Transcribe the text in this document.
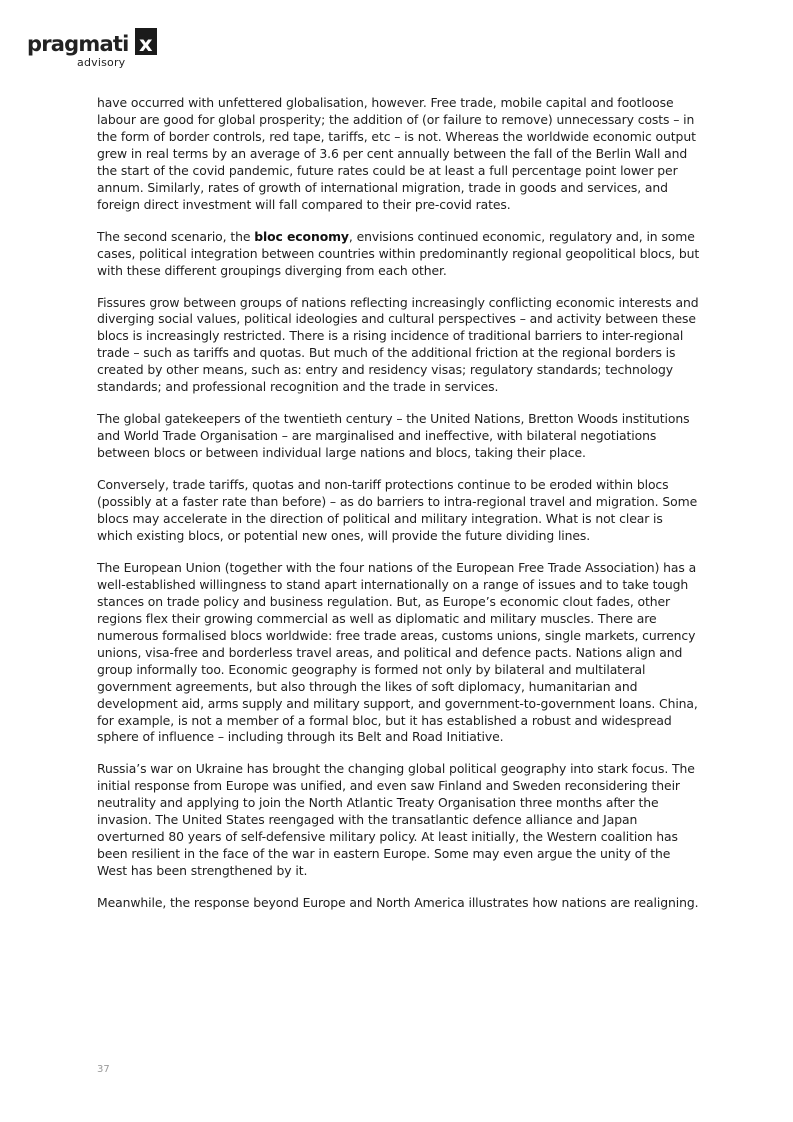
pragmati x
advisory

have occurred with unfettered globalisation, however. Free trade, mobile capital and footloose labour are good for global prosperity; the addition of (or failure to remove) unnecessary costs – in the form of border controls, red tape, tariffs, etc – is not. Whereas the worldwide economic output grew in real terms by an average of 3.6 per cent annually between the fall of the Berlin Wall and the start of the covid pandemic, future rates could be at least a full percentage point lower per annum. Similarly, rates of growth of international migration, trade in goods and services, and foreign direct investment will fall compared to their pre-covid rates.

The second scenario, the bloc economy, envisions continued economic, regulatory and, in some cases, political integration between countries within predominantly regional geopolitical blocs, but with these different groupings diverging from each other.

Fissures grow between groups of nations reflecting increasingly conflicting economic interests and diverging social values, political ideologies and cultural perspectives – and activity between these blocs is increasingly restricted. There is a rising incidence of traditional barriers to inter-regional trade – such as tariffs and quotas. But much of the additional friction at the regional borders is created by other means, such as: entry and residency visas; regulatory standards; technology standards; and professional recognition and the trade in services.

The global gatekeepers of the twentieth century – the United Nations, Bretton Woods institutions and World Trade Organisation – are marginalised and ineffective, with bilateral negotiations between blocs or between individual large nations and blocs, taking their place.

Conversely, trade tariffs, quotas and non-tariff protections continue to be eroded within blocs (possibly at a faster rate than before) – as do barriers to intra-regional travel and migration. Some blocs may accelerate in the direction of political and military integration. What is not clear is which existing blocs, or potential new ones, will provide the future dividing lines.

The European Union (together with the four nations of the European Free Trade Association) has a well-established willingness to stand apart internationally on a range of issues and to take tough stances on trade policy and business regulation. But, as Europe’s economic clout fades, other regions flex their growing commercial as well as diplomatic and military muscles. There are numerous formalised blocs worldwide: free trade areas, customs unions, single markets, currency unions, visa-free and borderless travel areas, and political and defence pacts. Nations align and group informally too. Economic geography is formed not only by bilateral and multilateral government agreements, but also through the likes of soft diplomacy, humanitarian and development aid, arms supply and military support, and government-to-government loans. China, for example, is not a member of a formal bloc, but it has established a robust and widespread sphere of influence – including through its Belt and Road Initiative.

Russia’s war on Ukraine has brought the changing global political geography into stark focus. The initial response from Europe was unified, and even saw Finland and Sweden reconsidering their neutrality and applying to join the North Atlantic Treaty Organisation three months after the invasion. The United States reengaged with the transatlantic defence alliance and Japan overturned 80 years of self-defensive military policy. At least initially, the Western coalition has been resilient in the face of the war in eastern Europe. Some may even argue the unity of the West has been strengthened by it.

Meanwhile, the response beyond Europe and North America illustrates how nations are realigning.

37
